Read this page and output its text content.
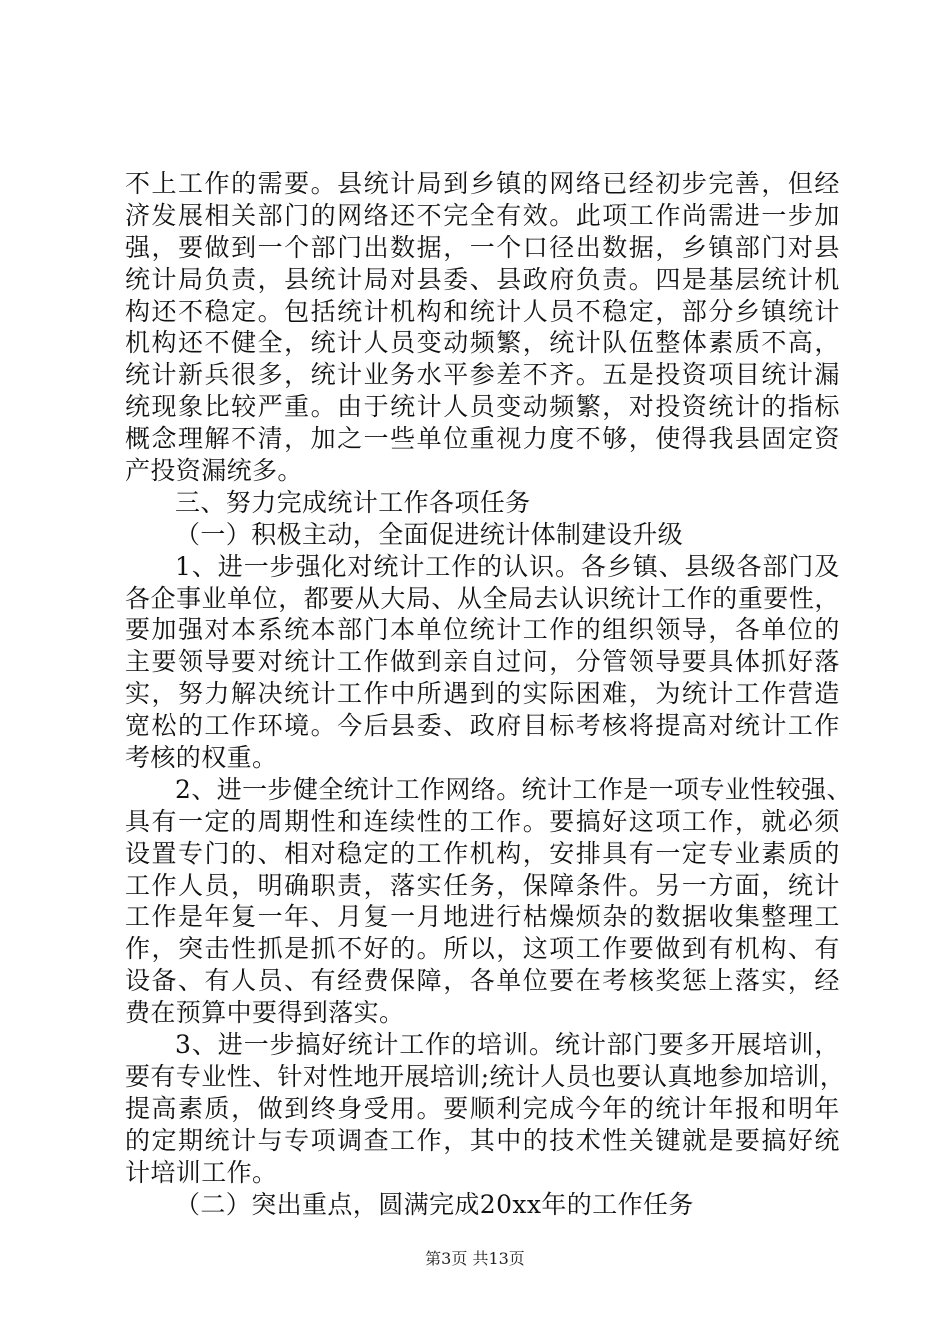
不 上 工 作 的 需 要 。 县 统 计 局 到 乡 镇 的 网 络 已 经 初 步 完 善 ， 但 经
济 发 展 相 关 部 门 的 网 络 还 不 完 全 有 效 。 此 项 工 作 尚 需 进 一 步 加
强 ， 要 做 到 一 个 部 门 出 数 据 ， 一 个 口 径 出 数 据 ， 乡 镇 部 门 对 县
统 计 局 负 责 ， 县 统 计 局 对 县 委 、 县 政 府 负 责 。 四 是 基 层 统 计 机
构 还 不 稳 定 。 包 括 统 计 机 构 和 统 计 人 员 不 稳 定 ， 部 分 乡 镇 统 计
机 构 还 不 健 全 ， 统 计 人 员 变 动 频 繁 ， 统 计 队 伍 整 体 素 质 不 高 ，
统 计 新 兵 很 多 ， 统 计 业 务 水 平 参 差 不 齐 。 五 是 投 资 项 目 统 计 漏
统 现 象 比 较 严 重 。 由 于 统 计 人 员 变 动 频 繁 ， 对 投 资 统 计 的 指 标
概 念 理 解 不 清 ， 加 之 一 些 单 位 重 视 力 度 不 够 ， 使 得 我 县 固 定 资
产投资漏统多。
三、努力完成统计工作各项任务
（一）积极主动，全面促进统计体制建设升级
1 、 进 一 步 强 化 对 统 计 工 作 的 认 识 。 各 乡 镇 、 县 级 各 部 门 及
各 企 事 业 单 位 ， 都 要 从 大 局 、 从 全 局 去 认 识 统 计 工 作 的 重 要 性 ，
要 加 强 对 本 系 统 本 部 门 本 单 位 统 计 工 作 的 组 织 领 导 ， 各 单 位 的
主 要 领 导 要 对 统 计 工 作 做 到 亲 自 过 问 ， 分 管 领 导 要 具 体 抓 好 落
实 ， 努 力 解 决 统 计 工 作 中 所 遇 到 的 实 际 困 难 ， 为 统 计 工 作 营 造
宽 松 的 工 作 环 境 。 今 后 县 委 、 政 府 目 标 考 核 将 提 高 对 统 计 工 作
考核的权重。
2 、 进 一 步 健 全 统 计 工 作 网 络 。 统 计 工 作 是 一 项 专 业 性 较 强 、
具 有 一 定 的 周 期 性 和 连 续 性 的 工 作 。 要 搞 好 这 项 工 作 ， 就 必 须
设 置 专 门 的 、 相 对 稳 定 的 工 作 机 构 ， 安 排 具 有 一 定 专 业 素 质 的
工 作 人 员 ， 明 确 职 责 ， 落 实 任 务 ， 保 障 条 件 。 另 一 方 面 ， 统 计
工 作 是 年 复 一 年 、 月 复 一 月 地 进 行 枯 燥 烦 杂 的 数 据 收 集 整 理 工
作 ， 突 击 性 抓 是 抓 不 好 的 。 所 以 ， 这 项 工 作 要 做 到 有 机 构 、 有
设 备 、 有 人 员 、 有 经 费 保 障 ， 各 单 位 要 在 考 核 奖 惩 上 落 实 ， 经
费在预算中要得到落实。
3 、 进 一 步 搞 好 统 计 工 作 的 培 训 。 统 计 部 门 要 多 开 展 培 训 ，
要 有 专 业 性 、 针 对 性 地 开 展 培 训 ; 统 计 人 员 也 要 认 真 地 参 加 培 训 ，
提 高 素 质 ， 做 到 终 身 受 用 。 要 顺 利 完 成 今 年 的 统 计 年 报 和 明 年
的 定 期 统 计 与 专 项 调 查 工 作 ， 其 中 的 技 术 性 关 键 就 是 要 搞 好 统
计培训工作。
（二）突出重点，圆满完成20xx年的工作任务
第3页 共13页
